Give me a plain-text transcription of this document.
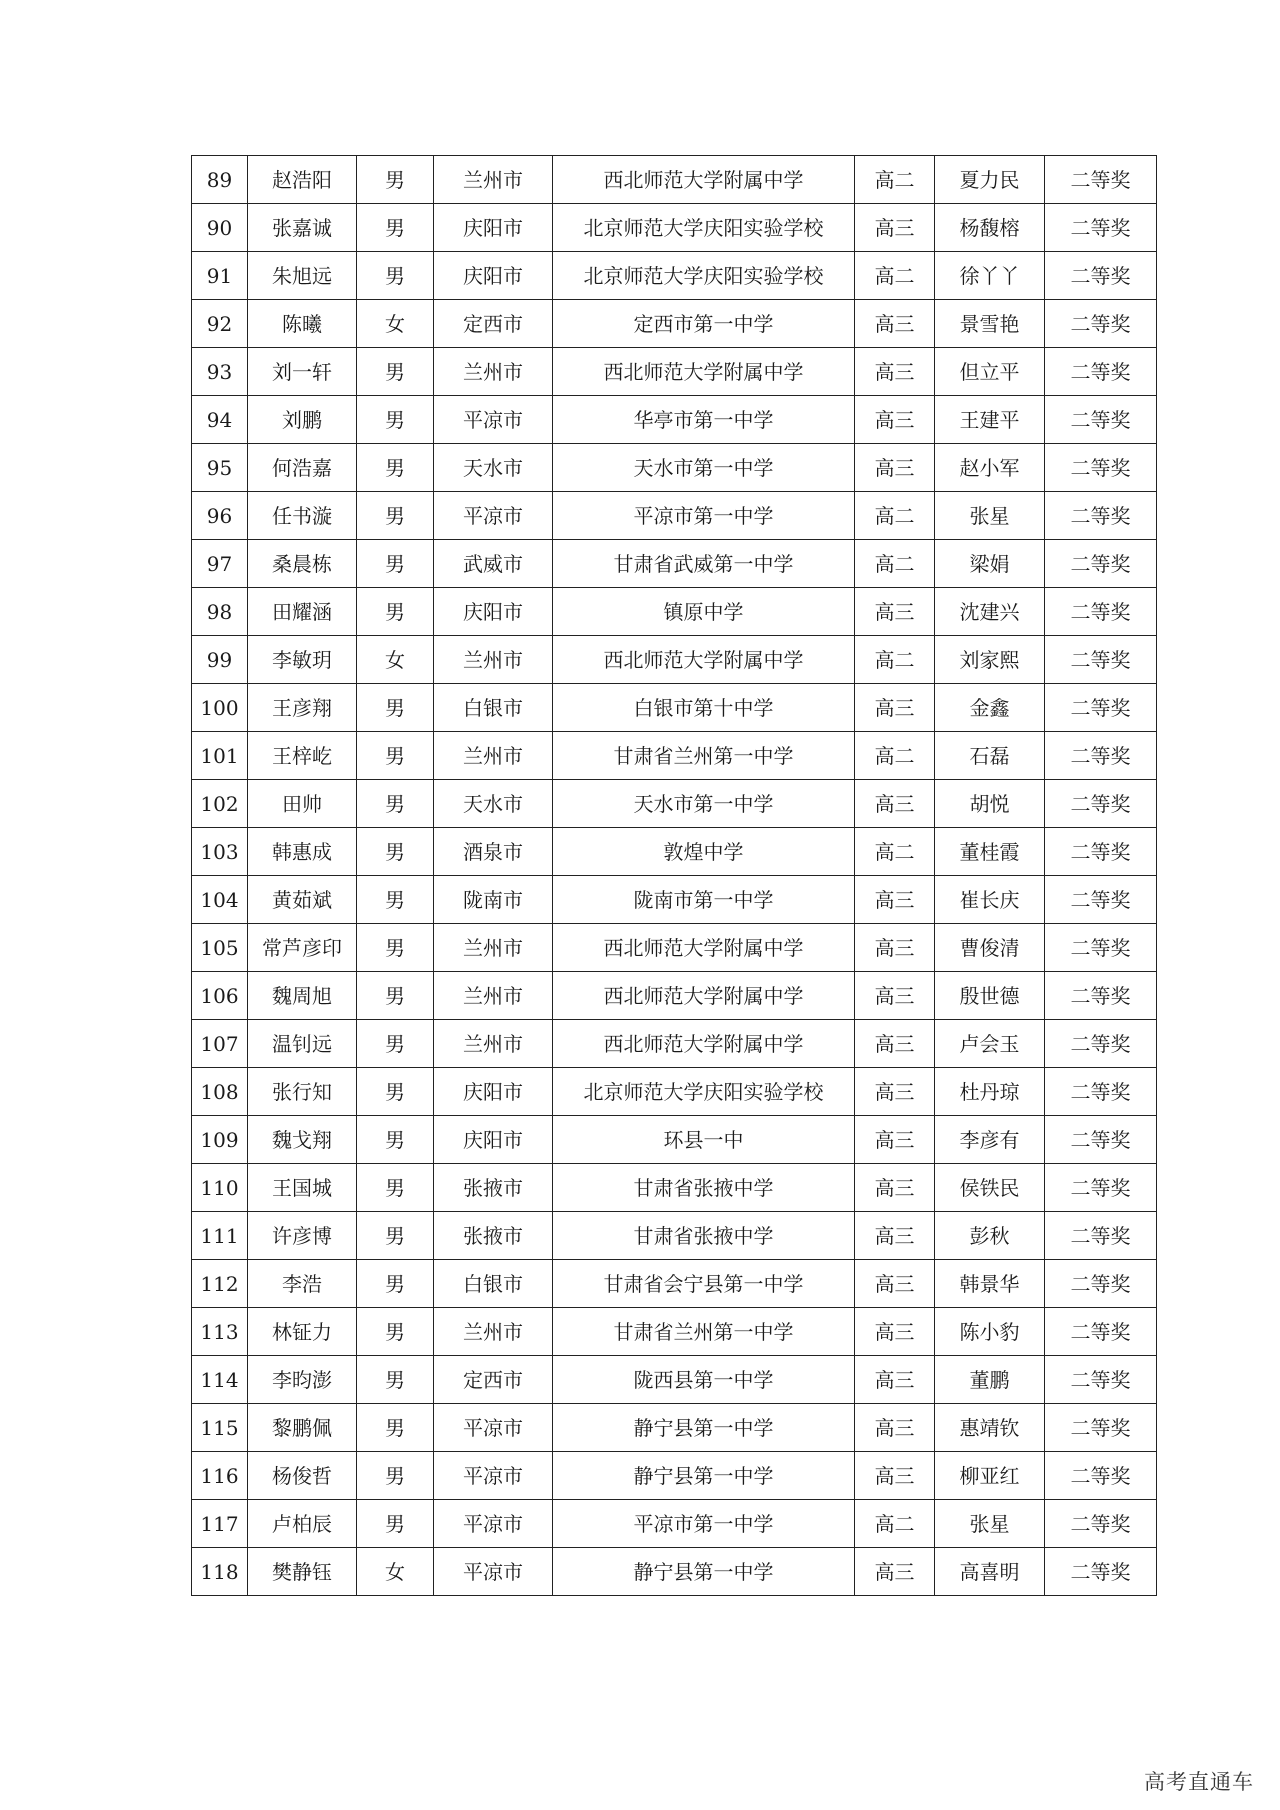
89	赵浩阳	男	兰州市	西北师范大学附属中学	高二	夏力民	二等奖
90	张嘉诚	男	庆阳市	北京师范大学庆阳实验学校	高三	杨馥榕	二等奖
91	朱旭远	男	庆阳市	北京师范大学庆阳实验学校	高二	徐丫丫	二等奖
92	陈曦	女	定西市	定西市第一中学	高三	景雪艳	二等奖
93	刘一轩	男	兰州市	西北师范大学附属中学	高三	但立平	二等奖
94	刘鹏	男	平凉市	华亭市第一中学	高三	王建平	二等奖
95	何浩嘉	男	天水市	天水市第一中学	高三	赵小军	二等奖
96	任书漩	男	平凉市	平凉市第一中学	高二	张星	二等奖
97	桑晨栋	男	武威市	甘肃省武威第一中学	高二	梁娟	二等奖
98	田耀涵	男	庆阳市	镇原中学	高三	沈建兴	二等奖
99	李敏玥	女	兰州市	西北师范大学附属中学	高二	刘家熙	二等奖
100	王彦翔	男	白银市	白银市第十中学	高三	金鑫	二等奖
101	王梓屹	男	兰州市	甘肃省兰州第一中学	高二	石磊	二等奖
102	田帅	男	天水市	天水市第一中学	高三	胡悦	二等奖
103	韩惠成	男	酒泉市	敦煌中学	高二	董桂霞	二等奖
104	黄茹斌	男	陇南市	陇南市第一中学	高三	崔长庆	二等奖
105	常芦彦印	男	兰州市	西北师范大学附属中学	高三	曹俊清	二等奖
106	魏周旭	男	兰州市	西北师范大学附属中学	高三	殷世德	二等奖
107	温钊远	男	兰州市	西北师范大学附属中学	高三	卢会玉	二等奖
108	张行知	男	庆阳市	北京师范大学庆阳实验学校	高三	杜丹琼	二等奖
109	魏戈翔	男	庆阳市	环县一中	高三	李彦有	二等奖
110	王国城	男	张掖市	甘肃省张掖中学	高三	侯铁民	二等奖
111	许彦博	男	张掖市	甘肃省张掖中学	高三	彭秋	二等奖
112	李浩	男	白银市	甘肃省会宁县第一中学	高三	韩景华	二等奖
113	林钲力	男	兰州市	甘肃省兰州第一中学	高三	陈小豹	二等奖
114	李昀澎	男	定西市	陇西县第一中学	高三	董鹏	二等奖
115	黎鹏佩	男	平凉市	静宁县第一中学	高三	惠靖钦	二等奖
116	杨俊哲	男	平凉市	静宁县第一中学	高三	柳亚红	二等奖
117	卢柏辰	男	平凉市	平凉市第一中学	高二	张星	二等奖
118	樊静钰	女	平凉市	静宁县第一中学	高三	高喜明	二等奖
高考直通车
